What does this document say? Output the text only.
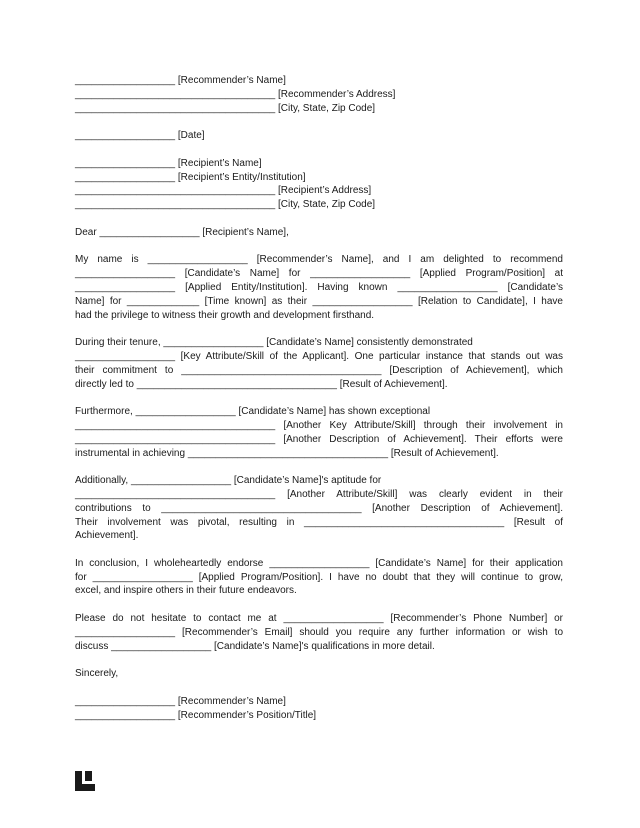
__________________ [Recommender’s Name]
____________________________________ [Recommender’s Address]
____________________________________ [City, State, Zip Code]
__________________ [Date]
__________________ [Recipient’s Name]
__________________ [Recipient’s Entity/Institution]
____________________________________ [Recipient’s Address]
____________________________________ [City, State, Zip Code]
Dear __________________ [Recipient’s Name],
My name is __________________ [Recommender’s Name], and I am delighted to recommend
__________________ [Candidate’s Name] for __________________ [Applied Program/Position] at
__________________ [Applied Entity/Institution]. Having known __________________ [Candidate’s
Name] for _____________ [Time known] as their __________________ [Relation to Candidate], I have
had the privilege to witness their growth and development firsthand.
During their tenure, __________________ [Candidate’s Name] consistently demonstrated
__________________ [Key Attribute/Skill of the Applicant]. One particular instance that stands out was
their commitment to ____________________________________ [Description of Achievement], which
directly led to ____________________________________ [Result of Achievement].
Furthermore, __________________ [Candidate’s Name] has shown exceptional
____________________________________ [Another Key Attribute/Skill] through their involvement in
____________________________________ [Another Description of Achievement]. Their efforts were
instrumental in achieving ____________________________________ [Result of Achievement].
Additionally, __________________ [Candidate’s Name]'s aptitude for
____________________________________ [Another Attribute/Skill] was clearly evident in their
contributions to ____________________________________ [Another Description of Achievement].
Their involvement was pivotal, resulting in ____________________________________ [Result of
Achievement].
In conclusion, I wholeheartedly endorse __________________ [Candidate’s Name] for their application
for __________________ [Applied Program/Position]. I have no doubt that they will continue to grow,
excel, and inspire others in their future endeavors.
Please do not hesitate to contact me at __________________ [Recommender’s Phone Number] or
__________________ [Recommender’s Email] should you require any further information or wish to
discuss __________________ [Candidate’s Name]'s qualifications in more detail.
Sincerely,
__________________ [Recommender’s Name]
__________________ [Recommender’s Position/Title]
